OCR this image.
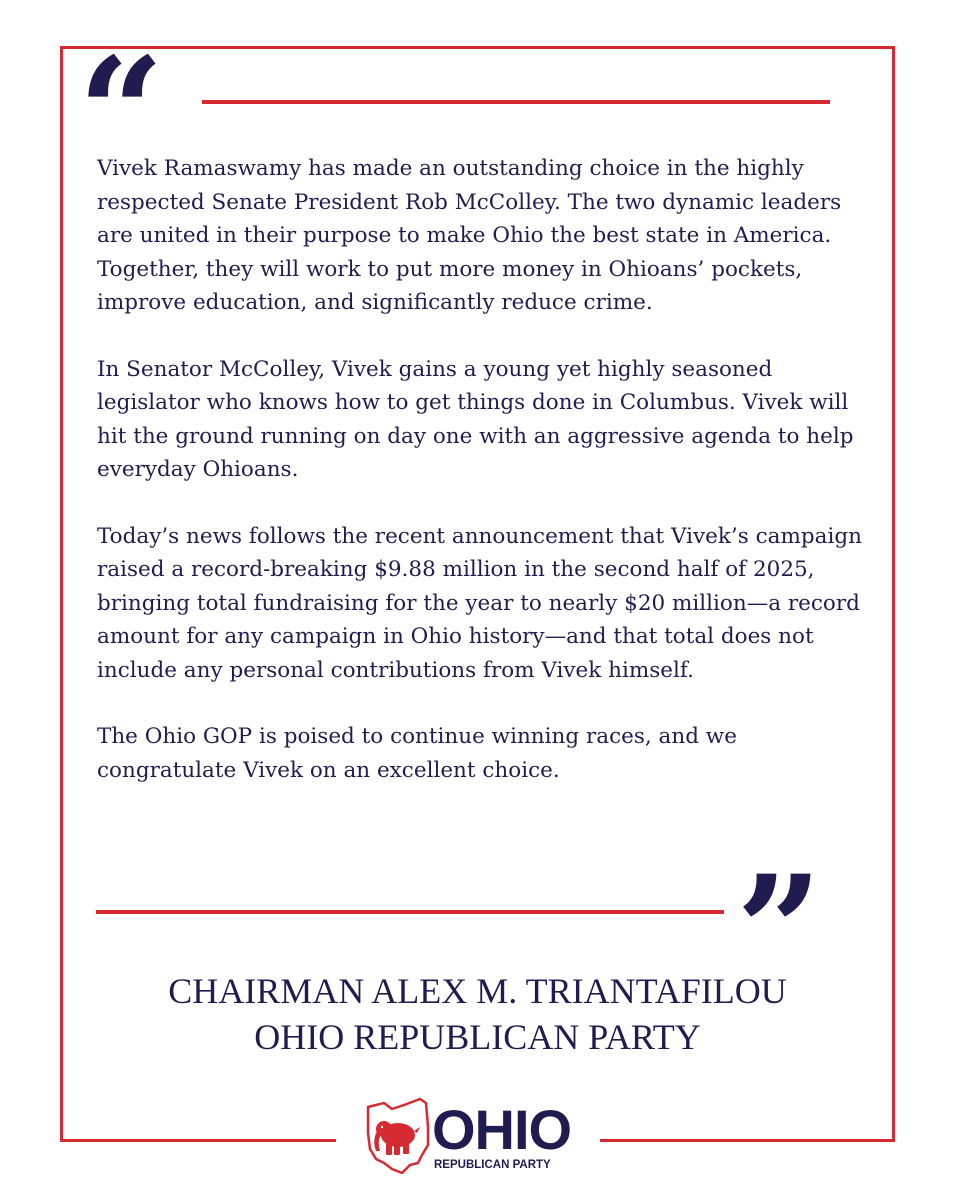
“

Vivek Ramaswamy has made an outstanding choice in the highly respected Senate President Rob McColley. The two dynamic leaders are united in their purpose to make Ohio the best state in America. Together, they will work to put more money in Ohioans’ pockets, improve education, and significantly reduce crime.

In Senator McColley, Vivek gains a young yet highly seasoned legislator who knows how to get things done in Columbus. Vivek will hit the ground running on day one with an aggressive agenda to help everyday Ohioans.

Today’s news follows the recent announcement that Vivek’s campaign raised a record-breaking $9.88 million in the second half of 2025, bringing total fundraising for the year to nearly $20 million—a record amount for any campaign in Ohio history—and that total does not include any personal contributions from Vivek himself.

The Ohio GOP is poised to continue winning races, and we congratulate Vivek on an excellent choice.

”
CHAIRMAN ALEX M. TRIANTAFILOU
OHIO REPUBLICAN PARTY
OHIO
REPUBLICAN PARTY
